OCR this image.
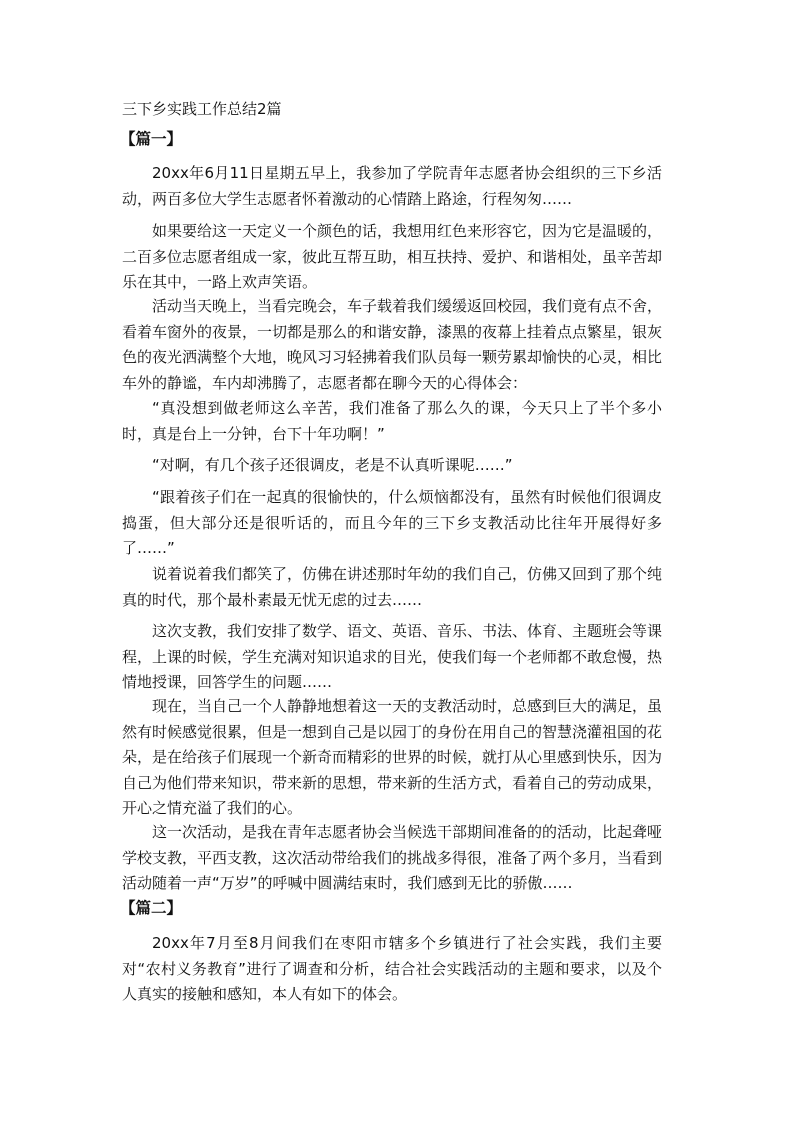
三下乡实践工作总结2篇
【篇一】

20xx年6月11日星期五早上，我参加了学院青年志愿者协会组织的三下乡活动，两百多位大学生志愿者怀着激动的心情踏上路途，行程匆匆……

如果要给这一天定义一个颜色的话，我想用红色来形容它，因为它是温暖的，二百多位志愿者组成一家，彼此互帮互助，相互扶持、爱护、和谐相处，虽辛苦却乐在其中，一路上欢声笑语。

活动当天晚上，当看完晚会，车子载着我们缓缓返回校园，我们竟有点不舍，看着车窗外的夜景，一切都是那么的和谐安静，漆黑的夜幕上挂着点点繁星，银灰色的夜光洒满整个大地，晚风习习轻拂着我们队员每一颗劳累却愉快的心灵，相比车外的静谧，车内却沸腾了，志愿者都在聊今天的心得体会：

“真没想到做老师这么辛苦，我们准备了那么久的课，今天只上了半个多小时，真是台上一分钟，台下十年功啊！”

“对啊，有几个孩子还很调皮，老是不认真听课呢……”

“跟着孩子们在一起真的很愉快的，什么烦恼都没有，虽然有时候他们很调皮捣蛋，但大部分还是很听话的，而且今年的三下乡支教活动比往年开展得好多了……”

说着说着我们都笑了，仿佛在讲述那时年幼的我们自己，仿佛又回到了那个纯真的时代，那个最朴素最无忧无虑的过去……

这次支教，我们安排了数学、语文、英语、音乐、书法、体育、主题班会等课程，上课的时候，学生充满对知识追求的目光，使我们每一个老师都不敢怠慢，热情地授课，回答学生的问题……

现在，当自己一个人静静地想着这一天的支教活动时，总感到巨大的满足，虽然有时候感觉很累，但是一想到自己是以园丁的身份在用自己的智慧浇灌祖国的花朵，是在给孩子们展现一个新奇而精彩的世界的时候，就打从心里感到快乐，因为自己为他们带来知识，带来新的思想，带来新的生活方式，看着自己的劳动成果，开心之情充溢了我们的心。

这一次活动，是我在青年志愿者协会当候选干部期间准备的的活动，比起聋哑学校支教，平西支教，这次活动带给我们的挑战多得很，准备了两个多月，当看到活动随着一声“万岁”的呼喊中圆满结束时，我们感到无比的骄傲……

【篇二】

20xx年7月至8月间我们在枣阳市辖多个乡镇进行了社会实践，我们主要对“农村义务教育”进行了调查和分析，结合社会实践活动的主题和要求，以及个人真实的接触和感知，本人有如下的体会。
